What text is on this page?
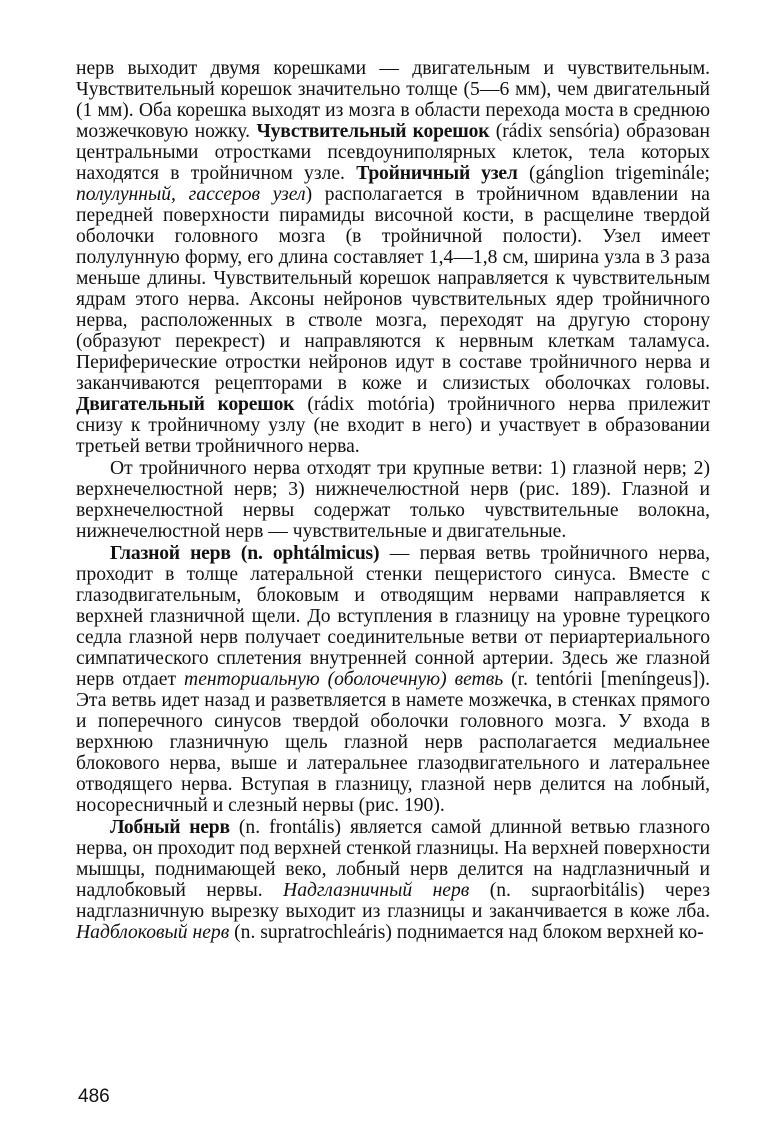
нерв выходит двумя корешками — двигательным и чувствительным. Чувствительный корешок значительно толще (5—6 мм), чем двигательный (1 мм). Оба корешка выходят из мозга в области перехода моста в среднюю мозжечковую ножку. Чувствительный корешок (rádix sensória) образован центральными отростками псевдоуниполярных клеток, тела которых находятся в тройничном узле. Тройничный узел (gánglion trigeminále; полулунный, гассеров узел) располагается в тройничном вдавлении на передней поверхности пирамиды височной кости, в расщелине твердой оболочки головного мозга (в тройничной полости). Узел имеет полулунную форму, его длина составляет 1,4—1,8 см, ширина узла в 3 раза меньше длины. Чувствительный корешок направляется к чувствительным ядрам этого нерва. Аксоны нейронов чувствительных ядер тройничного нерва, расположенных в стволе мозга, переходят на другую сторону (образуют перекрест) и направляются к нервным клеткам таламуса. Периферические отростки нейронов идут в составе тройничного нерва и заканчиваются рецепторами в коже и слизистых оболочках головы. Двигательный корешок (rádix motória) тройничного нерва прилежит снизу к тройничному узлу (не входит в него) и участвует в образовании третьей ветви тройничного нерва.

От тройничного нерва отходят три крупные ветви: 1) глазной нерв; 2) верхнечелюстной нерв; 3) нижнечелюстной нерв (рис. 189). Глазной и верхнечелюстной нервы содержат только чувствительные волокна, нижнечелюстной нерв — чувствительные и двигательные.

Глазной нерв (n. ophtálmicus) — первая ветвь тройничного нерва, проходит в толще латеральной стенки пещеристого синуса. Вместе с глазодвигательным, блоковым и отводящим нервами направляется к верхней глазничной щели. До вступления в глазницу на уровне турецкого седла глазной нерв получает соединительные ветви от периартериального симпатического сплетения внутренней сонной артерии. Здесь же глазной нерв отдает тенториальную (оболочечную) ветвь (r. tentórii [meníngeus]). Эта ветвь идет назад и разветвляется в намете мозжечка, в стенках прямого и поперечного синусов твердой оболочки головного мозга. У входа в верхнюю глазничную щель глазной нерв располагается медиальнее блокового нерва, выше и латеральнее глазодвигательного и латеральнее отводящего нерва. Вступая в глазницу, глазной нерв делится на лобный, носоресничный и слезный нервы (рис. 190).

Лобный нерв (n. frontális) является самой длинной ветвью глазного нерва, он проходит под верхней стенкой глазницы. На верхней поверхности мышцы, поднимающей веко, лобный нерв делится на надглазничный и надлобковый нервы. Надглазничный нерв (n. supraorbitális) через надглазничную вырезку выходит из глазницы и заканчивается в коже лба. Надблоковый нерв (n. supratrochleáris) поднимается над блоком верхней ко-

486
